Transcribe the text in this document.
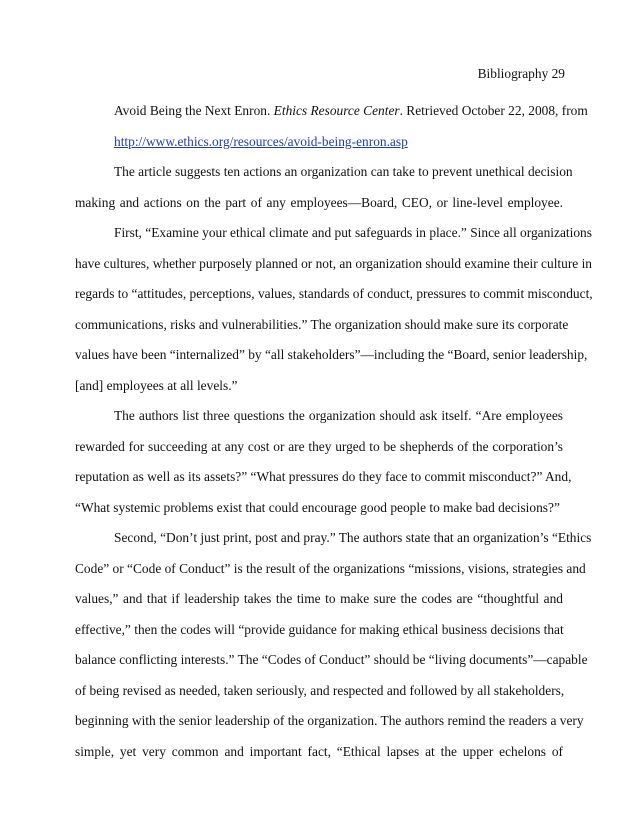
Bibliography 29
Avoid Being the Next Enron. Ethics Resource Center. Retrieved October 22, 2008, from
http://www.ethics.org/resources/avoid-being-enron.asp
The article suggests ten actions an organization can take to prevent unethical decision
making and actions on the part of any employees—Board, CEO, or line-level employee.
First, “Examine your ethical climate and put safeguards in place.” Since all organizations
have cultures, whether purposely planned or not, an organization should examine their culture in
regards to “attitudes, perceptions, values, standards of conduct, pressures to commit misconduct,
communications, risks and vulnerabilities.” The organization should make sure its corporate
values have been “internalized” by “all stakeholders”—including the “Board, senior leadership,
[and] employees at all levels.”
The authors list three questions the organization should ask itself. “Are employees
rewarded for succeeding at any cost or are they urged to be shepherds of the corporation’s
reputation as well as its assets?” “What pressures do they face to commit misconduct?” And,
“What systemic problems exist that could encourage good people to make bad decisions?”
Second, “Don’t just print, post and pray.” The authors state that an organization’s “Ethics
Code” or “Code of Conduct” is the result of the organizations “missions, visions, strategies and
values,” and that if leadership takes the time to make sure the codes are “thoughtful and
effective,” then the codes will “provide guidance for making ethical business decisions that
balance conflicting interests.” The “Codes of Conduct” should be “living documents”—capable
of being revised as needed, taken seriously, and respected and followed by all stakeholders,
beginning with the senior leadership of the organization. The authors remind the readers a very
simple, yet very common and important fact, “Ethical lapses at the upper echelons of
